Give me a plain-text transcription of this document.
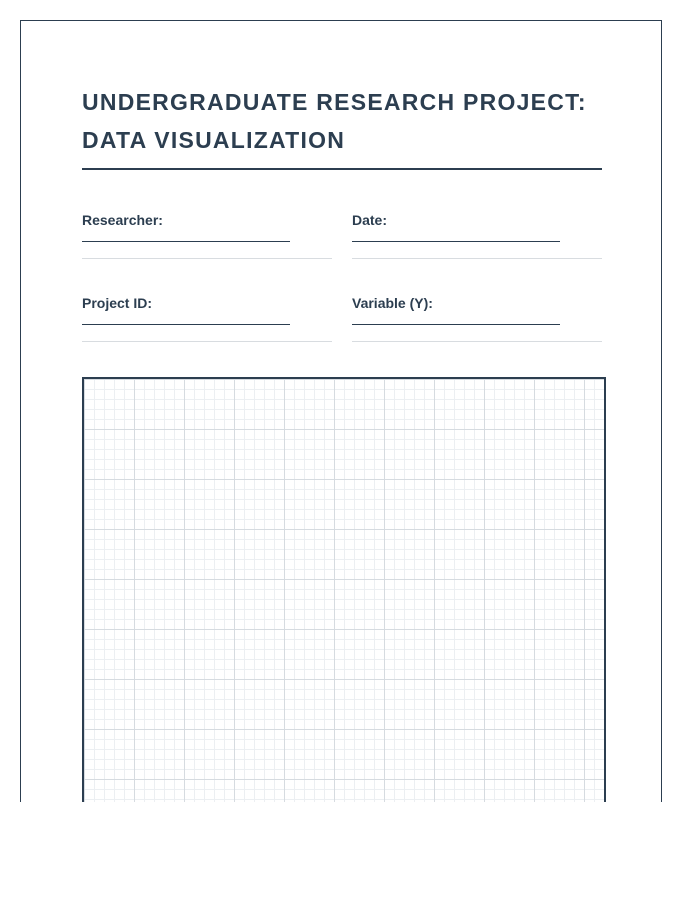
UNDERGRADUATE RESEARCH PROJECT:
DATA VISUALIZATION
Researcher:	Date:
Project ID:	Variable (Y):
